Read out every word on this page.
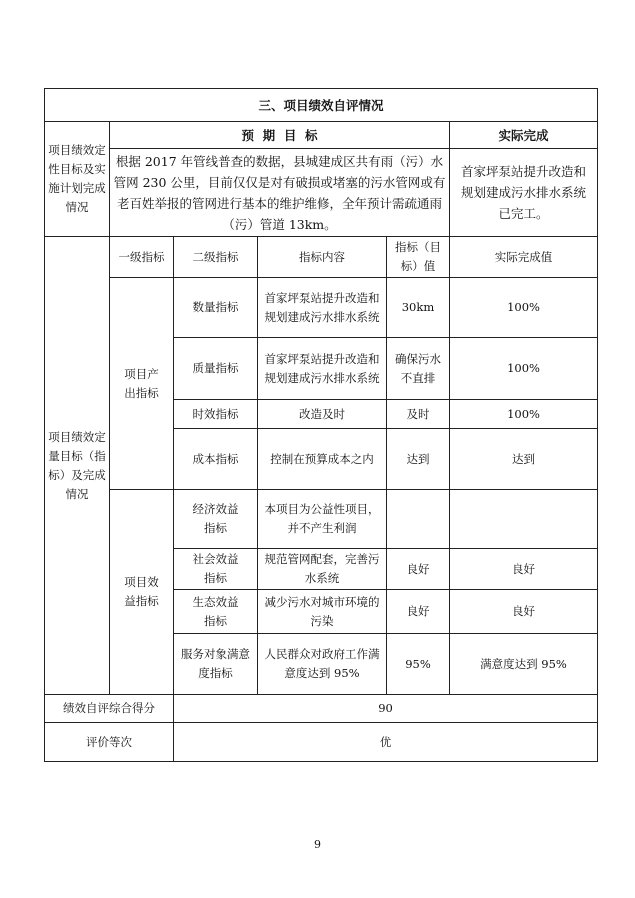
三、项目绩效自评情况					
项目绩效定性目标及实施计划完成情况	预  期  目  标				实际完成
	根据 2017 年管线普查的数据，县城建成区共有雨（污）水管网 230 公里，目前仅仅是对有破损或堵塞的污水管网或有老百姓举报的管网进行基本的维护维修，全年预计需疏通雨（污）管道 13km。				首家坪泵站提升改造和规划建成污水排水系统已完工。
项目绩效定量目标（指标）及完成情况	一级指标	二级指标	指标内容	指标（目标）值	实际完成值
	项目产出指标	数量指标	首家坪泵站提升改造和规划建成污水排水系统	30km	100%
		质量指标	首家坪泵站提升改造和规划建成污水排水系统	确保污水不直排	100%
		时效指标	改造及时	及时	100%
		成本指标	控制在预算成本之内	达到	达到
	项目效益指标	经济效益指标	本项目为公益性项目，并不产生利润		
		社会效益指标	规范管网配套，完善污水系统	良好	良好
		生态效益指标	减少污水对城市环境的污染	良好	良好
		服务对象满意度指标	人民群众对政府工作满意度达到 95%	95%	满意度达到 95%
绩效自评综合得分		90			
评价等次		优			
9
